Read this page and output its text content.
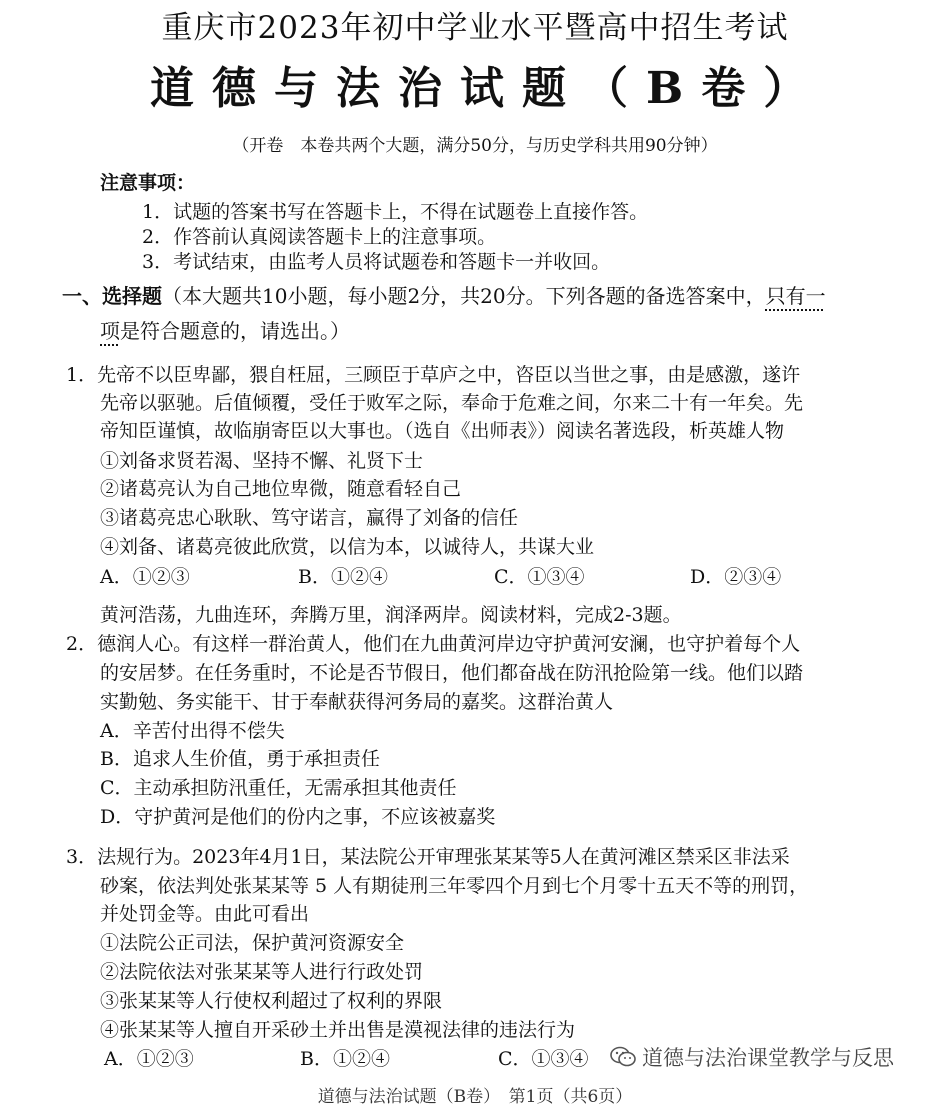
重庆市2023年初中学业水平暨高中招生考试
道德与法治试题（B卷）
（开卷　本卷共两个大题，满分50分，与历史学科共用90分钟）
注意事项：
1．试题的答案书写在答题卡上，不得在试题卷上直接作答。
2．作答前认真阅读答题卡上的注意事项。
3．考试结束，由监考人员将试题卷和答题卡一并收回。
一、选择题（本大题共10小题，每小题2分，共20分。下列各题的备选答案中，只有一
项是符合题意的，请选出。）
1．先帝不以臣卑鄙，猥自枉屈，三顾臣于草庐之中，咨臣以当世之事，由是感激，遂许
先帝以驱驰。后值倾覆，受任于败军之际，奉命于危难之间，尔来二十有一年矣。先
帝知臣谨慎，故临崩寄臣以大事也。（选自《出师表》）阅读名著选段，析英雄人物
①刘备求贤若渴、坚持不懈、礼贤下士
②诸葛亮认为自己地位卑微，随意看轻自己
③诸葛亮忠心耿耿、笃守诺言，赢得了刘备的信任
④刘备、诸葛亮彼此欣赏，以信为本，以诚待人，共谋大业
A．①②③	B．①②④	C．①③④	D．②③④
黄河浩荡，九曲连环，奔腾万里，润泽两岸。阅读材料，完成2-3题。
2．德润人心。有这样一群治黄人，他们在九曲黄河岸边守护黄河安澜，也守护着每个人
的安居梦。在任务重时，不论是否节假日，他们都奋战在防汛抢险第一线。他们以踏
实勤勉、务实能干、甘于奉献获得河务局的嘉奖。这群治黄人
A．辛苦付出得不偿失
B．追求人生价值，勇于承担责任
C．主动承担防汛重任，无需承担其他责任
D．守护黄河是他们的份内之事，不应该被嘉奖
3．法规行为。2023年4月1日，某法院公开审理张某某等5人在黄河滩区禁采区非法采
砂案，依法判处张某某等 5 人有期徒刑三年零四个月到七个月零十五天不等的刑罚，
并处罚金等。由此可看出
①法院公正司法，保护黄河资源安全
②法院依法对张某某等人进行行政处罚
③张某某等人行使权利超过了权利的界限
④张某某等人擅自开采砂土并出售是漠视法律的违法行为
A．①②③	B．①②④	C．①③④	道德与法治课堂教学与反思
道德与法治试题（B卷）　第1页（共6页）
